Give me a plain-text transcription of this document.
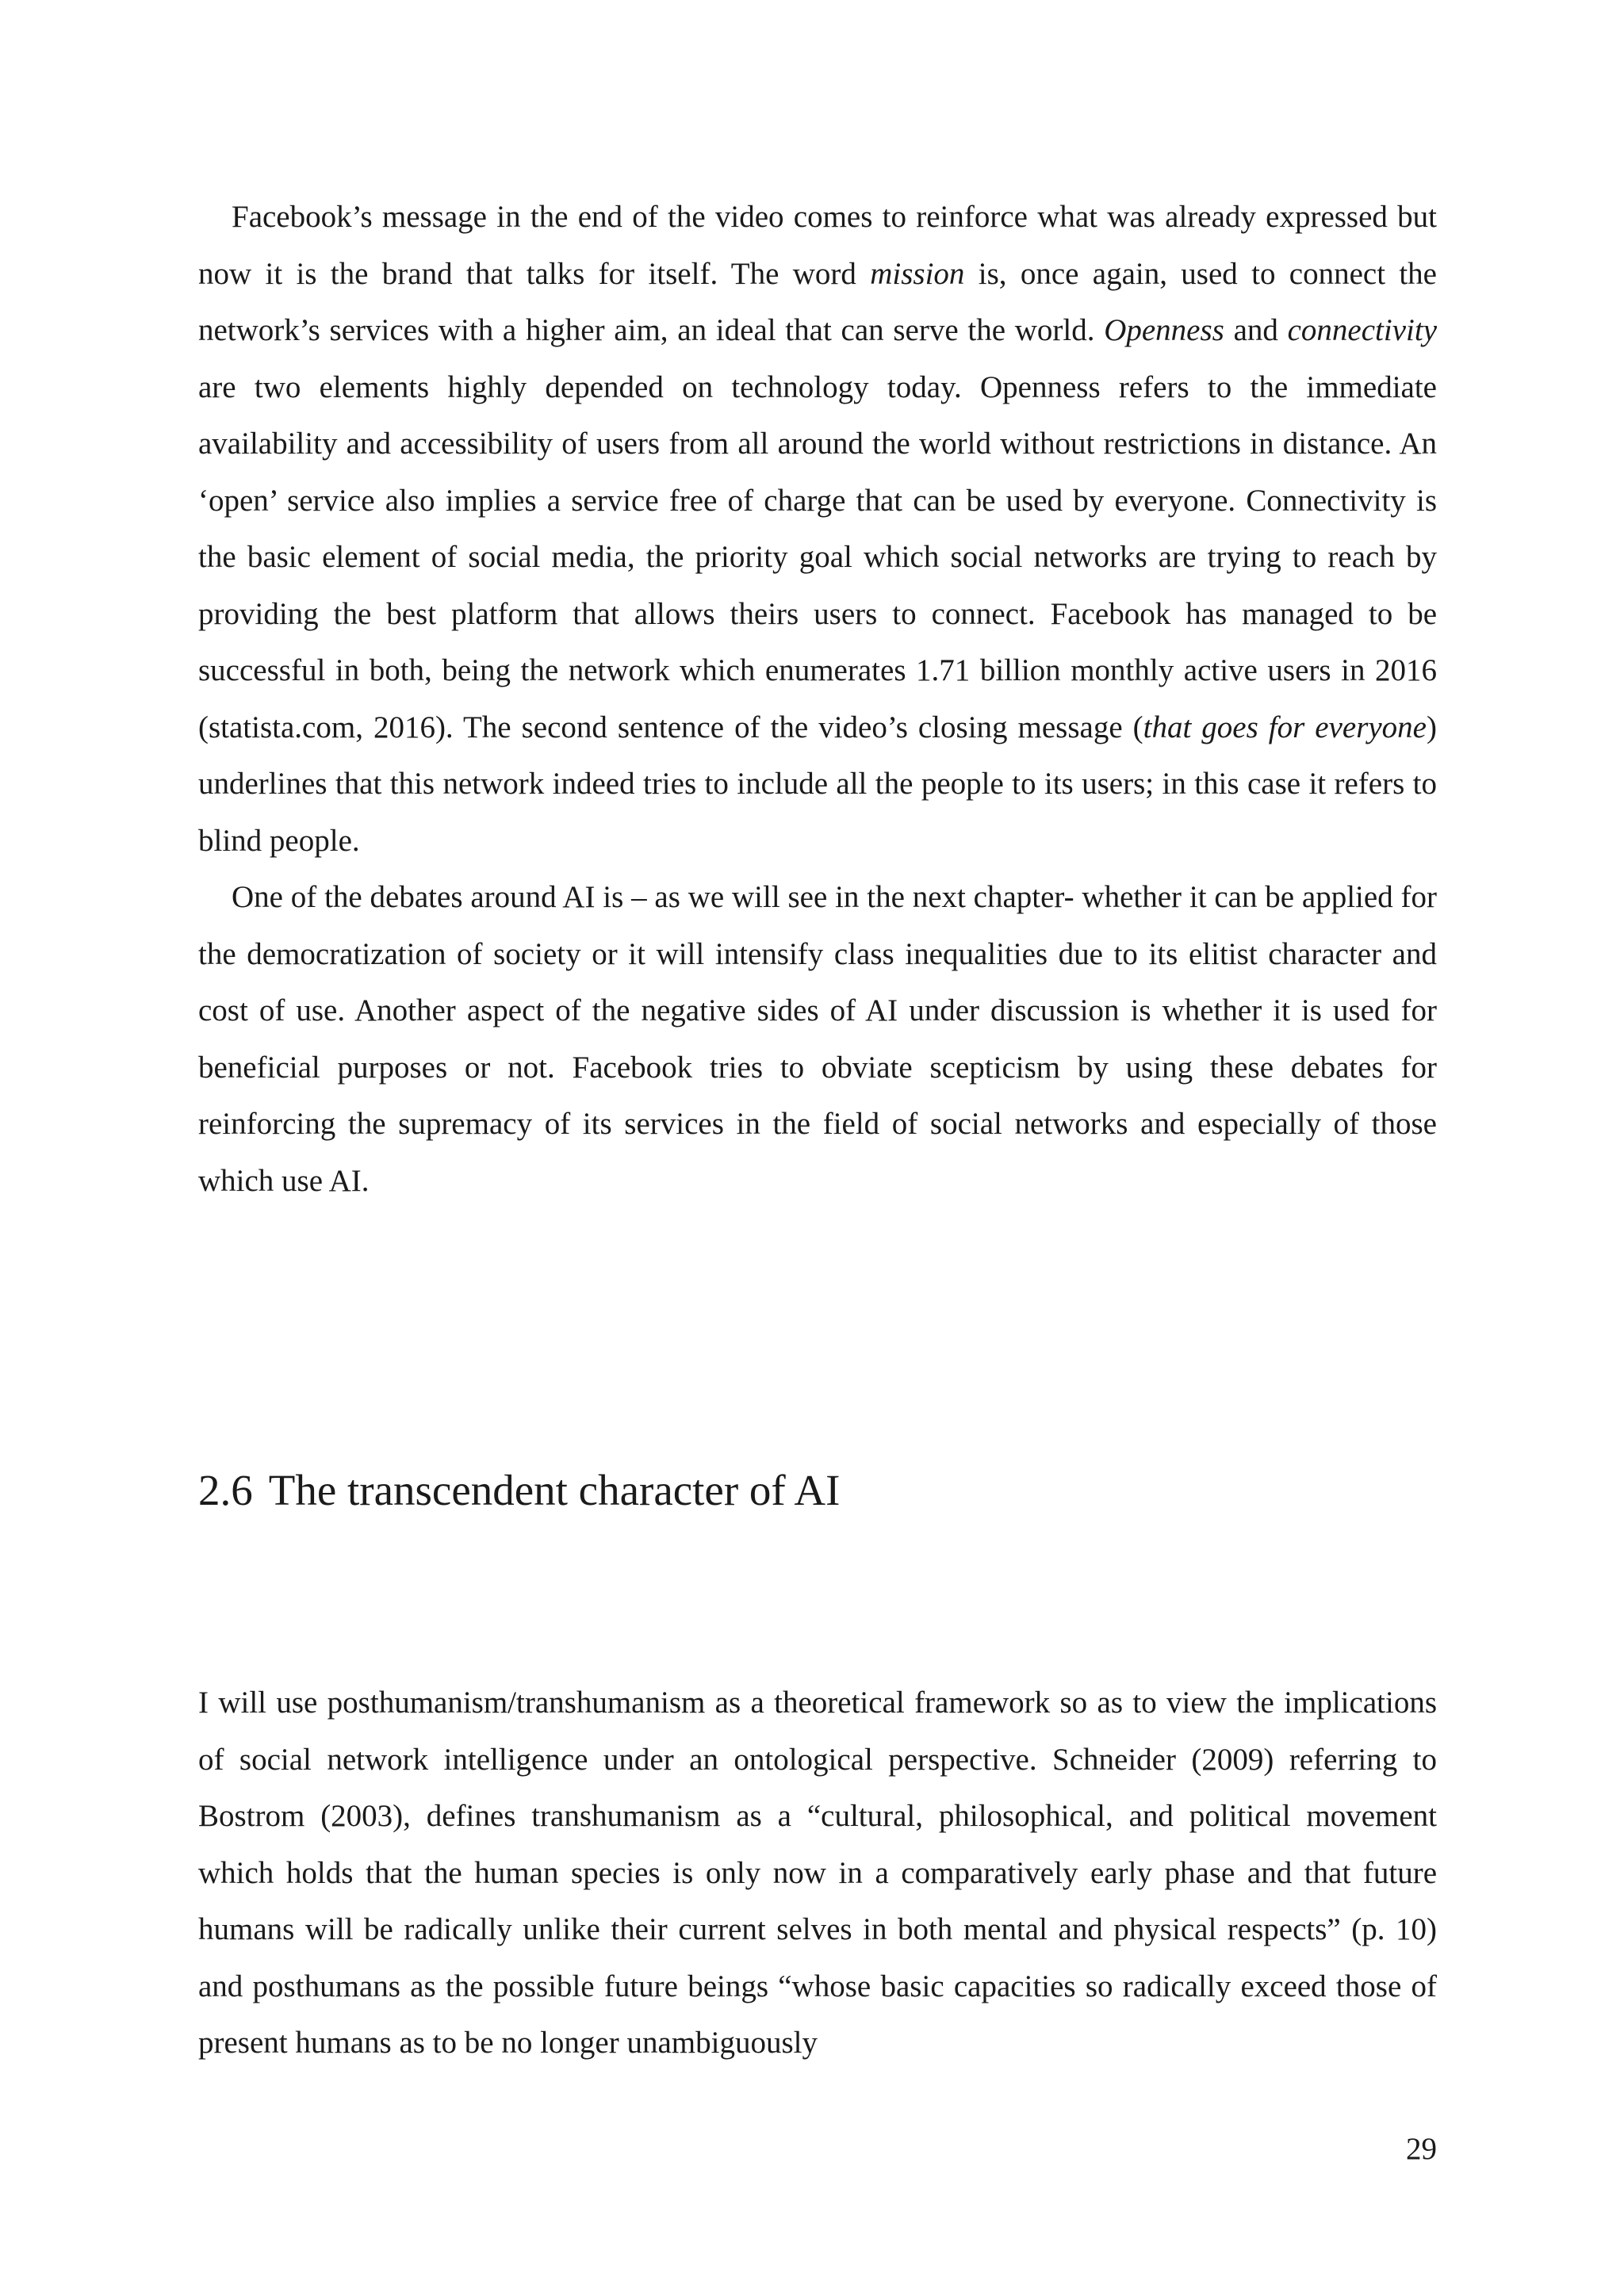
Facebook’s message in the end of the video comes to reinforce what was already expressed but now it is the brand that talks for itself. The word mission is, once again, used to connect the network’s services with a higher aim, an ideal that can serve the world. Openness and connectivity are two elements highly depended on technology today. Openness refers to the immediate availability and accessibility of users from all around the world without restrictions in distance. An ‘open’ service also implies a service free of charge that can be used by everyone. Connectivity is the basic element of social media, the priority goal which social networks are trying to reach by providing the best platform that allows theirs users to connect. Facebook has managed to be successful in both, being the network which enumerates 1.71 billion monthly active users in 2016 (statista.com, 2016). The second sentence of the video’s closing message (that goes for everyone) underlines that this network indeed tries to include all the people to its users; in this case it refers to blind people.

One of the debates around AI is – as we will see in the next chapter- whether it can be applied for the democratization of society or it will intensify class inequalities due to its elitist character and cost of use. Another aspect of the negative sides of AI under discussion is whether it is used for beneficial purposes or not. Facebook tries to obviate scepticism by using these debates for reinforcing the supremacy of its services in the field of social networks and especially of those which use AI.

2.6 The transcendent character of AI

I will use posthumanism/transhumanism as a theoretical framework so as to view the implications of social network intelligence under an ontological perspective. Schneider (2009) referring to Bostrom (2003), defines transhumanism as a “cultural, philosophical, and political movement which holds that the human species is only now in a comparatively early phase and that future humans will be radically unlike their current selves in both mental and physical respects” (p. 10) and posthumans as the possible future beings “whose basic capacities so radically exceed those of present humans as to be no longer unambiguously

29
